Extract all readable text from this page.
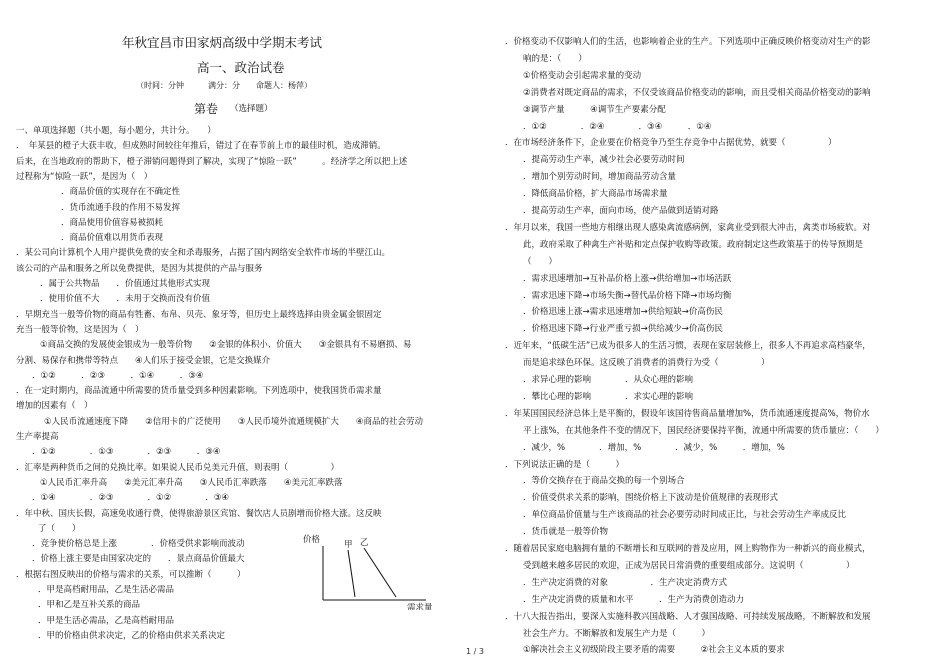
年秋宜昌市田家炳高级中学期末考试
高一、政治试卷
（时间：分钟　　　满分：分　　命题人：杨萍）
第卷 （选择题）
一、单项选择题（共小题，每小题分，共计分。　　）
．　年某县的橙子大获丰收，但成熟时间较往年推后，错过了在春节前上市的最佳时机，造成滞销。
后来，在当地政府的帮助下，橙子滞销问题得到了解决，实现了“惊险一跃”　　　。经济学之所以把上述
过程称为“惊险一跃”，是因为（　）
．商品价值的实现存在不确定性
．货币流通手段的作用不易发挥
．商品使用价值容易被损耗
．商品价值难以用货币表现
．某公司向计算机个人用户提供免费的安全和杀毒服务，占据了国内网络安全软件市场的半壁江山。
该公司的产品和服务之所以免费提供，是因为其提供的产品与服务
．属于公共物品　　．价值通过其他形式实现
．使用价值不大　　．未用于交换而没有价值
．早期充当一般等价物的商品有牲畜、布帛、贝壳、象牙等，但历史上最终选择由贵金属金银固定
充当一般等价物，这是因为（　）
①商品交换的发展使金银成为一般等价物　　②金银的体积小、价值大　　③金银具有不易磨损、易
分割、易保存和携带等特点　　④人们乐于接受金银，它是交换媒介
．①②　　　．②③　　　．①④　　　．③④
．在一定时期内，商品流通中所需要的货币量受到多种因素影响。下列选项中，使我国货币需求量
增加的因素有（　）
①人民币流通速度下降　　②信用卡的广泛使用　　③人民币境外流通规模扩大　　④商品的社会劳动
生产率提高
．①②　　　　．①③　　　　．②③　　　．③④
．汇率是两种货币之间的兑换比率。如果说人民币兑美元升值，则表明（　　　　　）
①人民币汇率升高　　②美元汇率升高　　③人民币汇率跌落　　④美元汇率跌落
．①④　　　　．②③　　　　．①②　　　　．③④
．年中秋、国庆长假，高速免收通行费，使得旅游景区宾馆、餐饮店人员剧增而价格大涨。这反映
了（　　）
．竞争使价格总是上涨　　　　．价格受供求影响而波动
．价格上涨主要是由国家决定的　　．景点商品价值最大
．根据右图反映出的价格与需求的关系，可以推断（　　　）
．甲是高档耐用品，乙是生活必需品
．甲和乙是互补关系的商品
．甲是生活必需品，乙是高档耐用品
．甲的价格由供求决定，乙的价格由供求关系决定
价格	甲 乙
需求量
．价格变动不仅影响人们的生活，也影响着企业的生产。下列选项中正确反映价格变动对生产的影
响的是：（　　）
①价格变动会引起需求量的变动
②消费者对既定商品的需求，不仅受该商品价格变动的影响，而且受相关商品价格变动的影响
③调节产量　　　④调节生产要素分配
．①②　　　　．②④　　　　．③④　　　．①④
．在市场经济条件下，企业要在价格竞争乃至生存竞争中占据优势，就要（　　　　　）
．提高劳动生产率，减少社会必要劳动时间
．增加个别劳动时间，增加商品劳动含量
．降低商品价格，扩大商品市场需求量
．提高劳动生产率，面向市场，使产品做到适销对路
．年月以来，我国一些地方相继出现人感染禽流感病例，家禽业受到很大冲击，禽类市场疲软。对
此，政府采取了种禽生产补贴和定点保护收购等政策。政府制定这些政策基于的传导预期是
（　　）
．需求迅速增加→互补品价格上涨→供给增加→市场活跃
．需求迅速下降→市场失衡→替代品价格下降→市场均衡
．价格迅速上涨→需求迅速增加→供给短缺→价高伤民
．价格迅速下降→行业严重亏损→供给减少→价高伤民
．近年来，“低碳生活”已成为很多人的生活习惯，表现在家居装修上，很多人不再追求高档豪华，
而是追求绿色环保。这反映了消费者的消费行为受（　　　　　）
．求异心理的影响　　　　．从众心理的影响
．攀比心理的影响　　　　．求实心理的影响
．年某国国民经济总体上是平衡的，假设年该国待售商品量增加%，货币流通速度提高%，物价水
平上涨%，在其他条件不变的情况下，国民经济要保持平衡，流通中所需要的货币量应：（　　）
．减少，%　　　　．增加，%　　　　．减少，%　　　．增加，%
．下列说法正确的是（　　　）
．等价交换存在于商品交换的每一个别场合
．价值受供求关系的影响，围绕价格上下波动是价值规律的表现形式
．单位商品价值量与生产该商品的社会必要劳动时间成正比，与社会劳动生产率成反比
．货币就是一般等价物
．随着居民家庭电脑拥有量的不断增长和互联网的普及应用，网上购物作为一种新兴的商业模式，
受到越来越多居民的欢迎，正成为居民日常消费的重要组成部分。这说明（　　　　　）
．生产决定消费的对象　　　　　．生产决定消费方式
．生产决定消费的质量和水平　　　．生产为消费创造动力
．十八大报告指出，要深入实施科教兴国战略、人才强国战略、可持续发展战略，不断解放和发展
社会生产力。不断解放和发展生产力是（　　　）
①解决社会主义初级阶段主要矛盾的需要　　　②社会主义本质的要求
1 / 3
